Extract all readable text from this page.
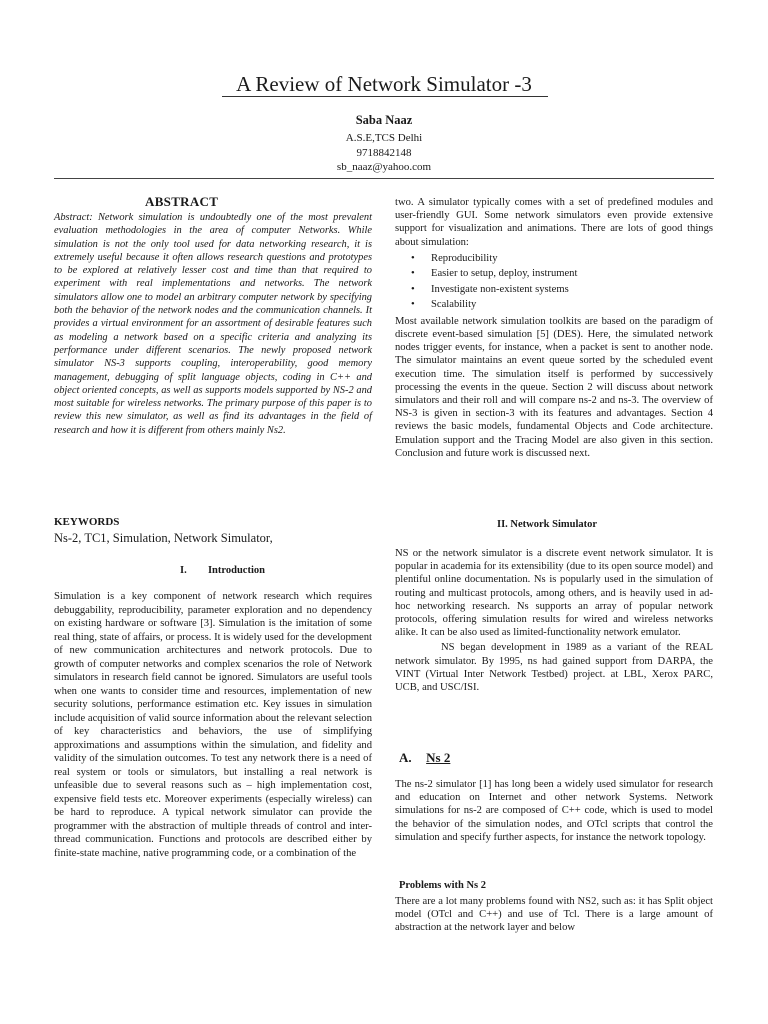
A Review of Network Simulator -3
Saba Naaz
A.S.E,TCS Delhi
9718842148
sb_naaz@yahoo.com
ABSTRACT
Abstract: Network simulation is undoubtedly one of the most prevalent evaluation methodologies in the area of computer Networks. While simulation is not the only tool used for data networking research, it is extremely useful because it often allows research questions and prototypes to be explored at relatively lesser cost and time than that required to experiment with real implementations and networks. The network simulators allow one to model an arbitrary computer network by specifying both the behavior of the network nodes and the communication channels. It provides a virtual environment for an assortment of desirable features such as modeling a network based on a specific criteria and analyzing its performance under different scenarios. The newly proposed network simulator NS-3 supports coupling, interoperability, good memory management, debugging of split language objects, coding in C++ and object oriented concepts, as well as supports models supported by NS-2 and most suitable for wireless networks. The primary purpose of this paper is to review this new simulator, as well as find its advantages in the field of research and how it is different from others mainly Ns2.
KEYWORDS
Ns-2, TC1, Simulation, Network Simulator,
I. Introduction
Simulation is a key component of network research which requires debuggability, reproducibility, parameter exploration and no dependency on existing hardware or software [3]. Simulation is the imitation of some real thing, state of affairs, or process. It is widely used for the development of new communication architectures and network protocols. Due to growth of computer networks and complex scenarios the role of Network simulators in research field cannot be ignored. Simulators are useful tools when one wants to consider time and resources, implementation of new security solutions, performance estimation etc. Key issues in simulation include acquisition of valid source information about the relevant selection of key characteristics and behaviors, the use of simplifying approximations and assumptions within the simulation, and fidelity and validity of the simulation outcomes. To test any network there is a need of real system or tools or simulators, but installing a real network is unfeasible due to several reasons such as – high implementation cost, expensive field tests etc. Moreover experiments (especially wireless) can be hard to reproduce. A typical network simulator can provide the programmer with the abstraction of multiple threads of control and inter-thread communication. Functions and protocols are described either by finite-state machine, native programming code, or a combination of the

two. A simulator typically comes with a set of predefined modules and user-friendly GUI. Some network simulators even provide extensive support for visualization and animations. There are lots of good things about simulation:

• Reproducibility
• Easier to setup, deploy, instrument
• Investigate non-existent systems
• Scalability

Most available network simulation toolkits are based on the paradigm of discrete event-based simulation [5] (DES). Here, the simulated network nodes trigger events, for instance, when a packet is sent to another node. The simulator maintains an event queue sorted by the scheduled event execution time. The simulation itself is performed by successively processing the events in the queue. Section 2 will discuss about network simulators and their roll and will compare ns-2 and ns-3. The overview of NS-3 is given in section-3 with its features and advantages. Section 4 reviews the basic models, fundamental Objects and Code architecture. Emulation support and the Tracing Model are also given in this section. Conclusion and future work is discussed next.

II. Network Simulator

NS or the network simulator is a discrete event network simulator. It is popular in academia for its extensibility (due to its open source model) and plentiful online documentation. Ns is popularly used in the simulation of routing and multicast protocols, among others, and is heavily used in ad-hoc networking research. Ns supports an array of popular network protocols, offering simulation results for wired and wireless networks alike. It can be also used as limited-functionality network emulator.

NS began development in 1989 as a variant of the REAL network simulator. By 1995, ns had gained support from DARPA, the VINT (Virtual Inter Network Testbed) project. at LBL, Xerox PARC, UCB, and USC/ISI.

A. Ns 2
The ns-2 simulator [1] has long been a widely used simulator for research and education on Internet and other network Systems. Network simulations for ns-2 are composed of C++ code, which is used to model the behavior of the simulation nodes, and OTcl scripts that control the simulation and specify further aspects, for instance the network topology.
Problems with Ns 2
There are a lot many problems found with NS2, such as: it has Split object model (OTcl and C++) and use of Tcl. There is a large amount of abstraction at the network layer and below
